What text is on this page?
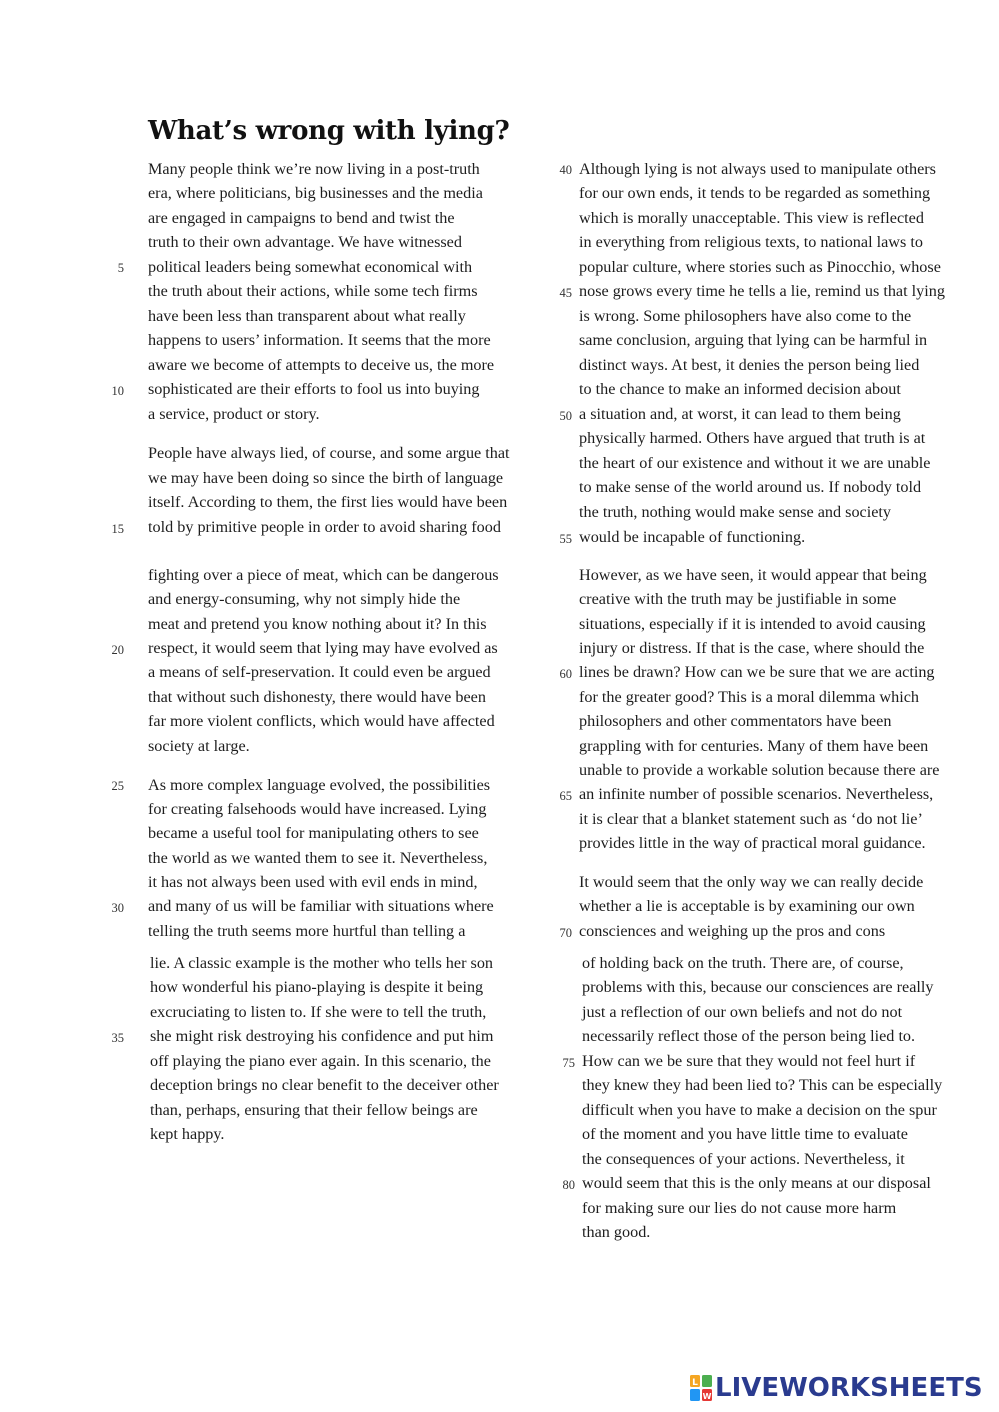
What’s wrong with lying?
Many people think we’re now living in a post-truth
era, where politicians, big businesses and the media
are engaged in campaigns to bend and twist the
truth to their own advantage. We have witnessed
political leaders being somewhat economical with
the truth about their actions, while some tech firms
have been less than transparent about what really
happens to users’ information. It seems that the more
aware we become of attempts to deceive us, the more
sophisticated are their efforts to fool us into buying
a service, product or story.
People have always lied, of course, and some argue that
we may have been doing so since the birth of language
itself. According to them, the first lies would have been
told by primitive people in order to avoid sharing food
fighting over a piece of meat, which can be dangerous
and energy-consuming, why not simply hide the
meat and pretend you know nothing about it? In this
respect, it would seem that lying may have evolved as
a means of self-preservation. It could even be argued
that without such dishonesty, there would have been
far more violent conflicts, which would have affected
society at large.
As more complex language evolved, the possibilities
for creating falsehoods would have increased. Lying
became a useful tool for manipulating others to see
the world as we wanted them to see it. Nevertheless,
it has not always been used with evil ends in mind,
and many of us will be familiar with situations where
telling the truth seems more hurtful than telling a
lie. A classic example is the mother who tells her son
how wonderful his piano-playing is despite it being
excruciating to listen to. If she were to tell the truth,
she might risk destroying his confidence and put him
off playing the piano ever again. In this scenario, the
deception brings no clear benefit to the deceiver other
than, perhaps, ensuring that their fellow beings are
kept happy.
Although lying is not always used to manipulate others
for our own ends, it tends to be regarded as something
which is morally unacceptable. This view is reflected
in everything from religious texts, to national laws to
popular culture, where stories such as Pinocchio, whose
nose grows every time he tells a lie, remind us that lying
is wrong. Some philosophers have also come to the
same conclusion, arguing that lying can be harmful in
distinct ways. At best, it denies the person being lied
to the chance to make an informed decision about
a situation and, at worst, it can lead to them being
physically harmed. Others have argued that truth is at
the heart of our existence and without it we are unable
to make sense of the world around us. If nobody told
the truth, nothing would make sense and society
would be incapable of functioning.
However, as we have seen, it would appear that being
creative with the truth may be justifiable in some
situations, especially if it is intended to avoid causing
injury or distress. If that is the case, where should the
lines be drawn? How can we be sure that we are acting
for the greater good? This is a moral dilemma which
philosophers and other commentators have been
grappling with for centuries. Many of them have been
unable to provide a workable solution because there are
an infinite number of possible scenarios. Nevertheless,
it is clear that a blanket statement such as ‘do not lie’
provides little in the way of practical moral guidance.
It would seem that the only way we can really decide
whether a lie is acceptable is by examining our own
consciences and weighing up the pros and cons
of holding back on the truth. There are, of course,
problems with this, because our consciences are really
just a reflection of our own beliefs and not do not
necessarily reflect those of the person being lied to.
How can we be sure that they would not feel hurt if
they knew they had been lied to? This can be especially
difficult when you have to make a decision on the spur
of the moment and you have little time to evaluate
the consequences of your actions. Nevertheless, it
would seem that this is the only means at our disposal
for making sure our lies do not cause more harm
than good.
5
10
15
20
25
30
35
40
45
50
55
60
65
70
75
80
L
W LIVEWORKSHEETS
